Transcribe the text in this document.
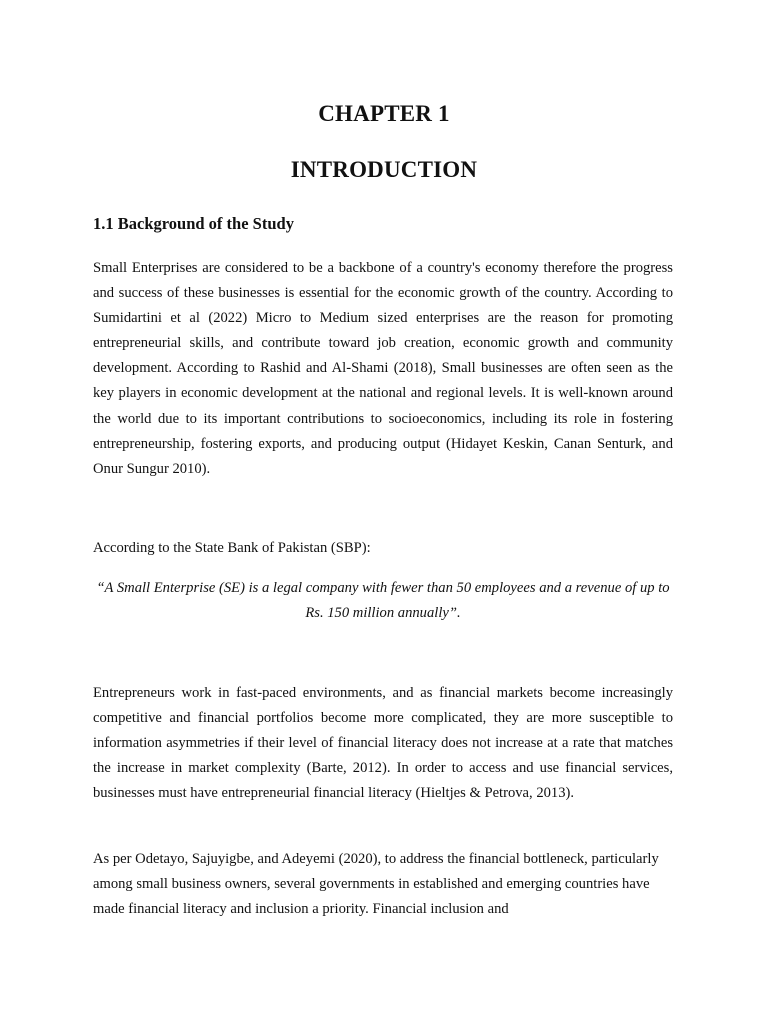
CHAPTER 1
INTRODUCTION
1.1 Background of the Study

Small Enterprises are considered to be a backbone of a country's economy therefore the progress and success of these businesses is essential for the economic growth of the country. According to Sumidartini et al (2022) Micro to Medium sized enterprises are the reason for promoting entrepreneurial skills, and contribute toward job creation, economic growth and community development. According to Rashid and Al-Shami (2018), Small businesses are often seen as the key players in economic development at the national and regional levels. It is well-known around the world due to its important contributions to socioeconomics, including its role in fostering entrepreneurship, fostering exports, and producing output (Hidayet Keskin, Canan Senturk, and Onur Sungur 2010).

According to the State Bank of Pakistan (SBP):

“A Small Enterprise (SE) is a legal company with fewer than 50 employees and a revenue of up to Rs. 150 million annually”.

Entrepreneurs work in fast-paced environments, and as financial markets become increasingly competitive and financial portfolios become more complicated, they are more susceptible to information asymmetries if their level of financial literacy does not increase at a rate that matches the increase in market complexity (Barte, 2012). In order to access and use financial services, businesses must have entrepreneurial financial literacy (Hieltjes & Petrova, 2013).

As per Odetayo, Sajuyigbe, and Adeyemi (2020), to address the financial bottleneck, particularly among small business owners, several governments in established and emerging countries have made financial literacy and inclusion a priority. Financial inclusion and
